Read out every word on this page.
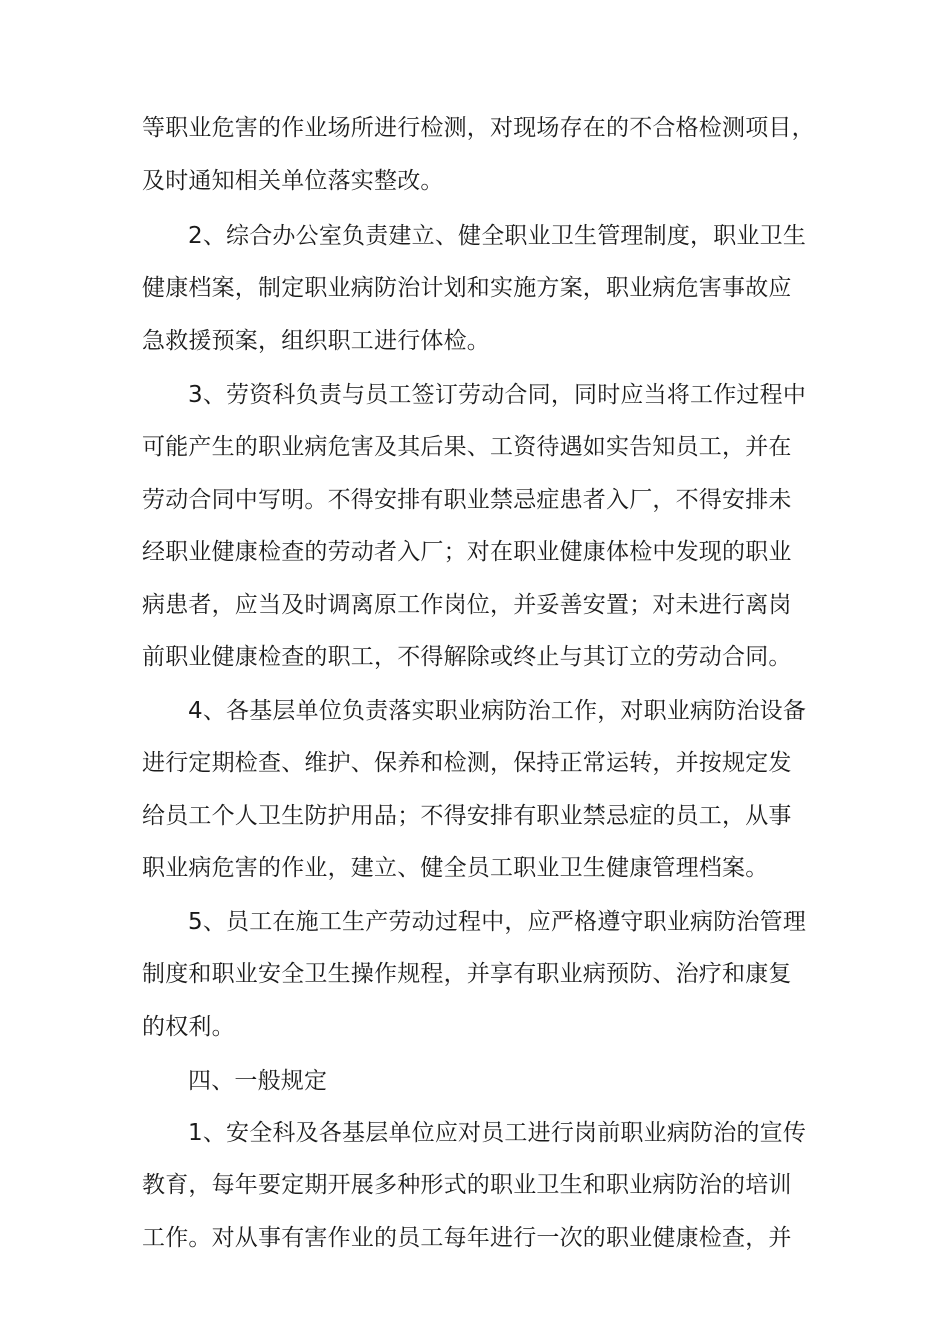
等职业危害的作业场所进行检测，对现场存在的不合格检测项目，
及时通知相关单位落实整改。
2、综合办公室负责建立、健全职业卫生管理制度，职业卫生
健康档案，制定职业病防治计划和实施方案，职业病危害事故应
急救援预案，组织职工进行体检。
3、劳资科负责与员工签订劳动合同，同时应当将工作过程中
可能产生的职业病危害及其后果、工资待遇如实告知员工，并在
劳动合同中写明。不得安排有职业禁忌症患者入厂，不得安排未
经职业健康检查的劳动者入厂；对在职业健康体检中发现的职业
病患者，应当及时调离原工作岗位，并妥善安置；对未进行离岗
前职业健康检查的职工，不得解除或终止与其订立的劳动合同。
4、各基层单位负责落实职业病防治工作，对职业病防治设备
进行定期检查、维护、保养和检测，保持正常运转，并按规定发
给员工个人卫生防护用品；不得安排有职业禁忌症的员工，从事
职业病危害的作业，建立、健全员工职业卫生健康管理档案。
5、员工在施工生产劳动过程中，应严格遵守职业病防治管理
制度和职业安全卫生操作规程，并享有职业病预防、治疗和康复
的权利。
四、一般规定
1、安全科及各基层单位应对员工进行岗前职业病防治的宣传
教育，每年要定期开展多种形式的职业卫生和职业病防治的培训
工作。对从事有害作业的员工每年进行一次的职业健康检查，并
